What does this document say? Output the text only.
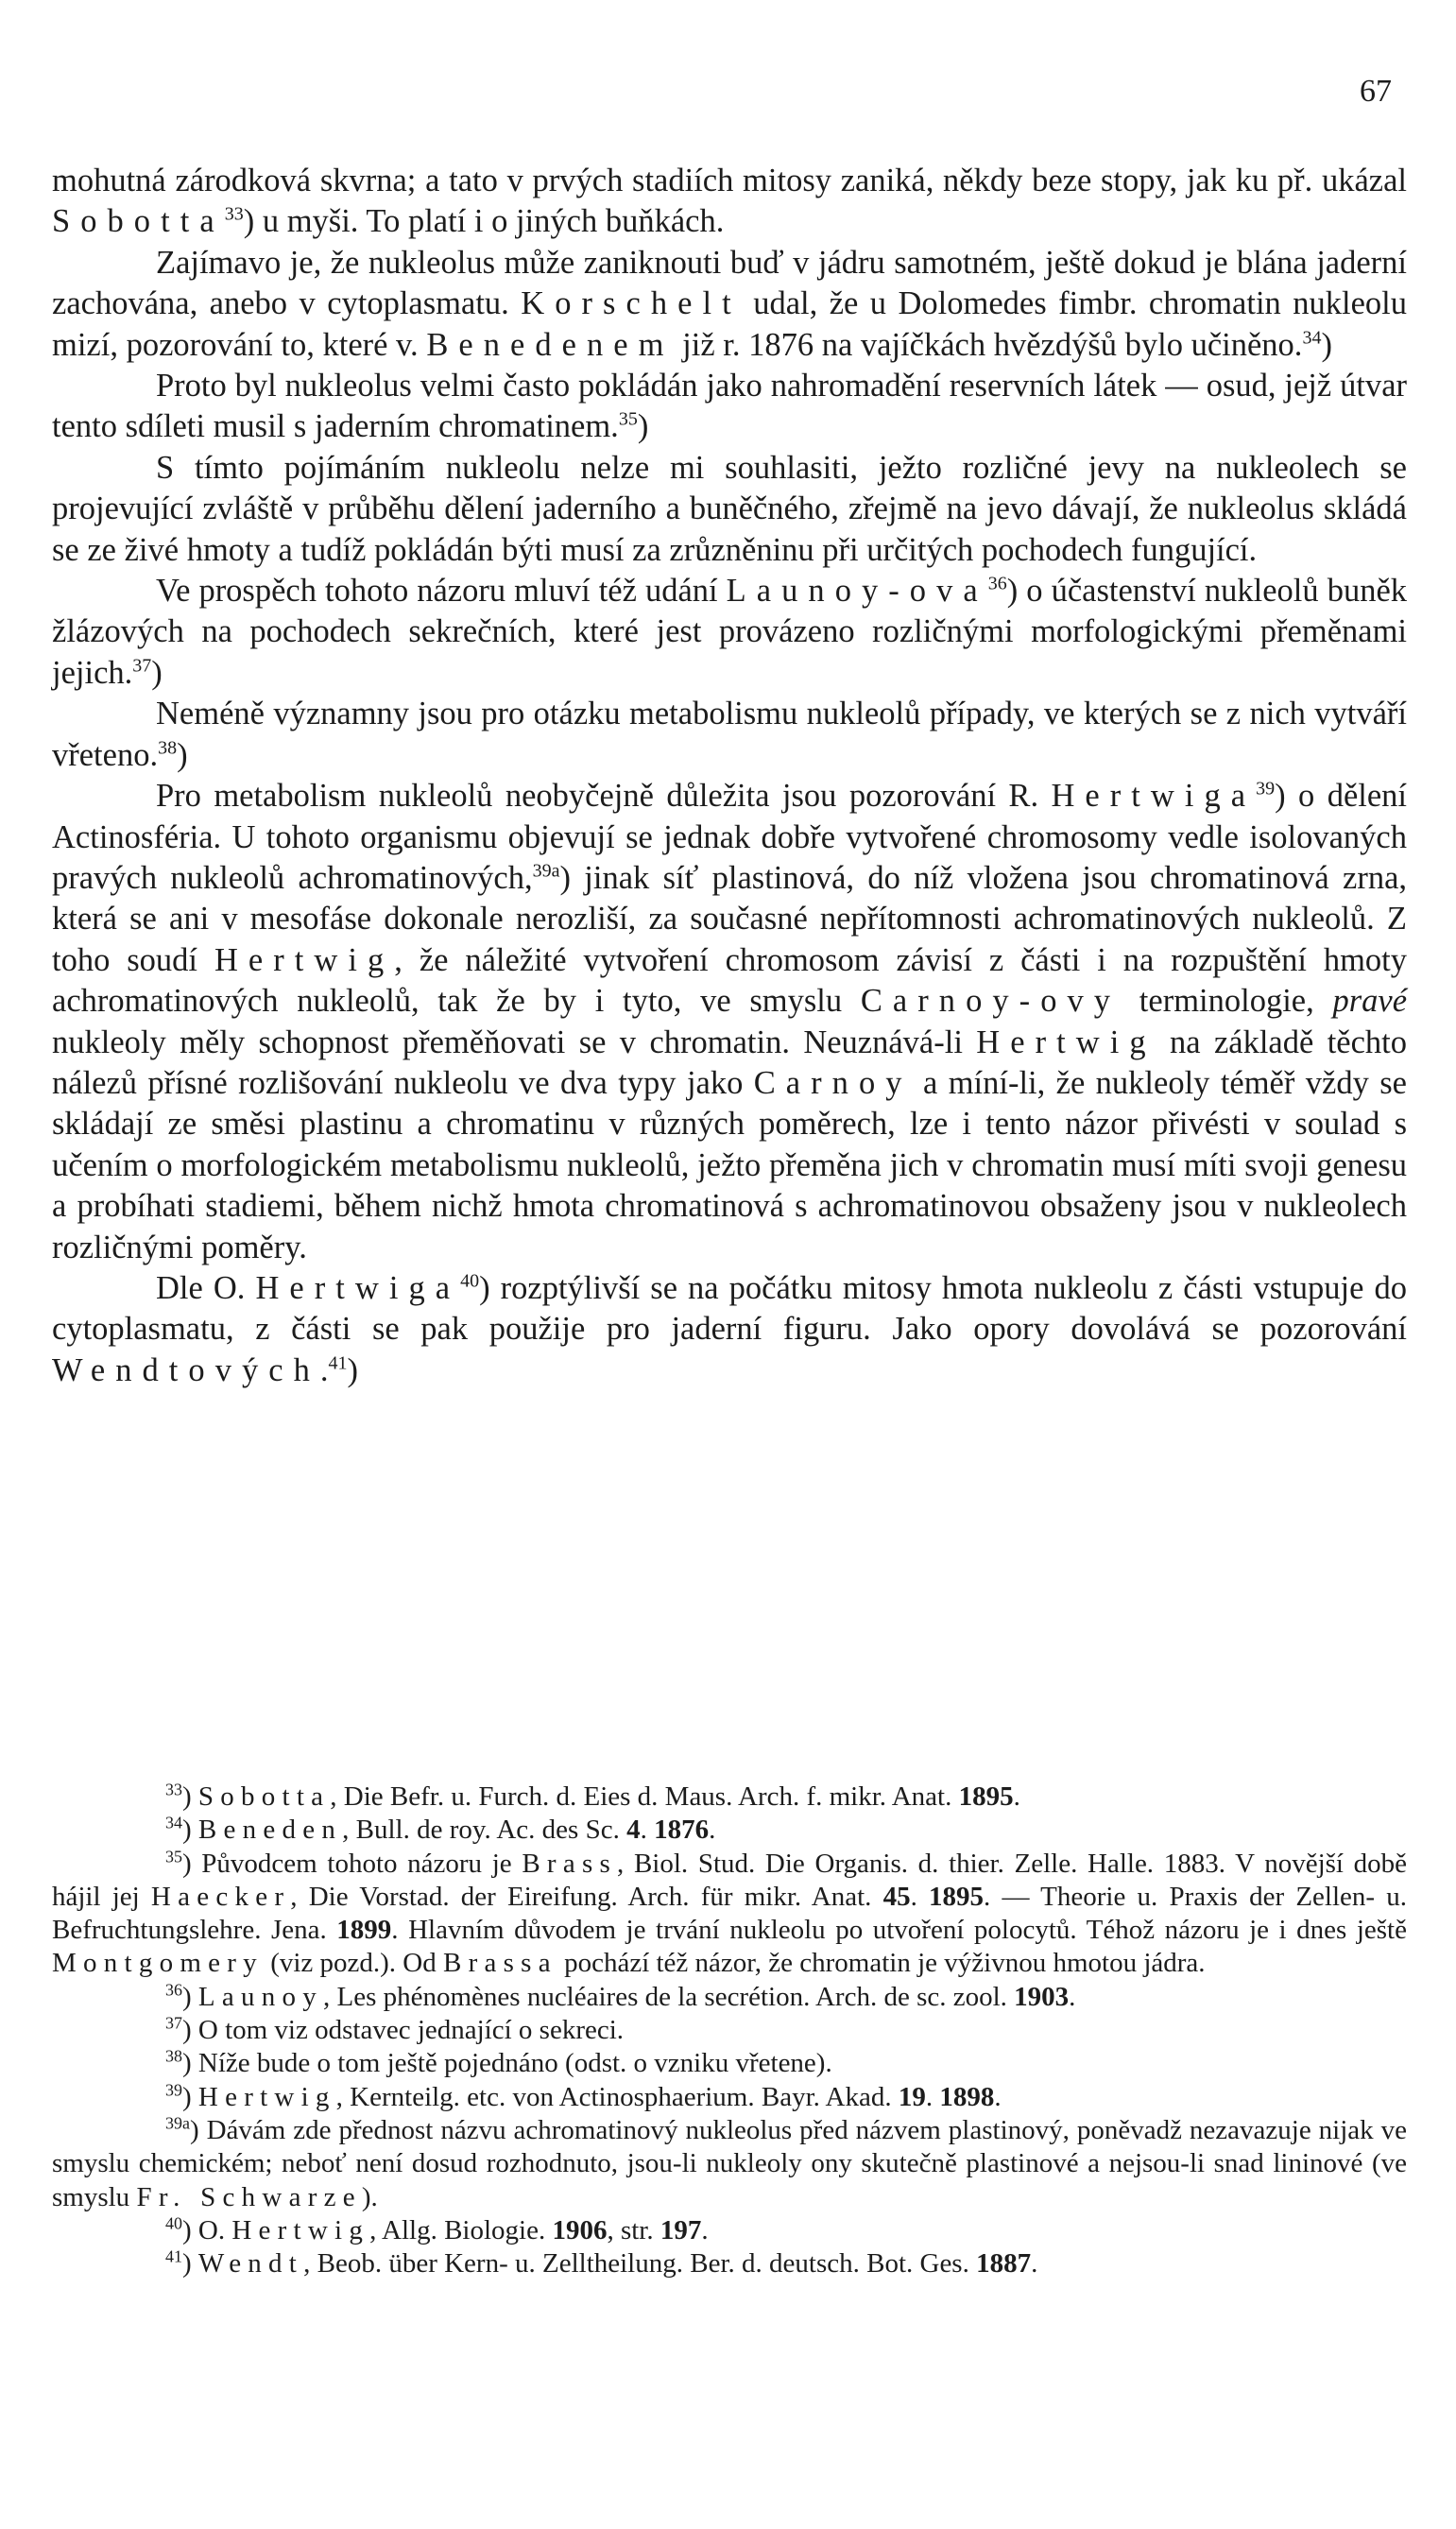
67

mohutná zárodková skvrna; a tato v prvých stadiích mitosy zaniká, někdy beze stopy, jak ku př. ukázal Sobotta$^{33}$) u myši. To platí i o jiných buňkách.

Zajímavo je, že nukleolus může zaniknouti buď v jádru samotném, ještě dokud je blána jaderní zachována, anebo v cytoplasmatu. Korschelt udal, že u Dolomedes fimbr. chromatin nukleolu mizí, pozorování to, které v. Benedenem již r. 1876 na vajíčkách hvězdýšů bylo učiněno.$^{34}$)

Proto byl nukleolus velmi často pokládán jako nahromadění reservních látek — osud, jejž útvar tento sdíleti musil s jaderním chromatinem.$^{35}$)

S tímto pojímáním nukleolu nelze mi souhlasiti, ježto rozličné jevy na nukleolech se projevující zvláště v průběhu dělení jaderního a buněčného, zřejmě na jevo dávají, že nukleolus skládá se ze živé hmoty a tudíž pokládán býti musí za zrůzněninu při určitých pochodech fungující.

Ve prospěch tohoto názoru mluví též udání Launoy-ova$^{36}$) o účastenství nukleolů buněk žlázových na pochodech sekrečních, které jest provázeno rozličnými morfologickými přeměnami jejich.$^{37}$)

Neméně významny jsou pro otázku metabolismu nukleolů případy, ve kterých se z nich vytváří vřeteno.$^{38}$)

Pro metabolism nukleolů neobyčejně důležita jsou pozorování R. Hertwiga$^{39}$) o dělení Actinosféria. U tohoto organismu objevují se jednak dobře vytvořené chromosomy vedle isolovaných pravých nukleolů achromatinových,$^{39a}$) jinak síť plastinová, do níž vložena jsou chromatinová zrna, která se ani v mesofáse dokonale nerozliší, za současné nepřítomnosti achromatinových nukleolů. Z toho soudí Hertwig, že náležité vytvoření chromosom závisí z části i na rozpuštění hmoty achromatinových nukleolů, tak že by i tyto, ve smyslu Carnoy-ovy terminologie, pravé nukleoly měly schopnost přeměňovati se v chromatin. Neuznává-li Hertwig na základě těchto nálezů přísné rozlišování nukleolu ve dva typy jako Carnoy a míní-li, že nukleoly téměř vždy se skládají ze směsi plastinu a chromatinu v různých poměrech, lze i tento názor přivésti v soulad s učením o morfologickém metabolismu nukleolů, ježto přeměna jich v chromatin musí míti svoji genesu a probíhati stadiemi, během nichž hmota chromatinová s achromatinovou obsaženy jsou v nukleolech rozličnými poměry.

Dle O. Hertwiga$^{40}$) rozptýlivší se na počátku mitosy hmota nukleolu z části vstupuje do cytoplasmatu, z části se pak použije pro jaderní figuru. Jako opory dovolává se pozorování Wendtových.$^{41}$)

$^{33}$) Sobotta, Die Befr. u. Furch. d. Eies d. Maus. Arch. f. mikr. Anat. 1895.

$^{34}$) Beneden, Bull. de roy. Ac. des Sc. 4. 1876.

$^{35}$) Původcem tohoto názoru je Brass, Biol. Stud. Die Organis. d. thier. Zelle. Halle. 1883. V novější době hájil jej Haecker, Die Vorstad. der Eireifung. Arch. für mikr. Anat. 45. 1895. — Theorie u. Praxis der Zellen- u. Befruchtungslehre. Jena. 1899. Hlavním důvodem je trvání nukleolu po utvoření polocytů. Téhož názoru je i dnes ještě Montgomery (viz pozd.). Od Brassa pochází též názor, že chromatin je výživnou hmotou jádra.

$^{36}$) Launoy, Les phénomènes nucléaires de la secrétion. Arch. de sc. zool. 1903.

$^{37}$) O tom viz odstavec jednající o sekreci.

$^{38}$) Níže bude o tom ještě pojednáno (odst. o vzniku vřetene).

$^{39}$) Hertwig, Kernteilg. etc. von Actinosphaerium. Bayr. Akad. 19. 1898.

$^{39a}$) Dávám zde přednost názvu achromatinový nukleolus před názvem plastinový, poněvadž nezavazuje nijak ve smyslu chemickém; neboť není dosud rozhodnuto, jsou-li nukleoly ony skutečně plastinové a nejsou-li snad lininové (ve smyslu Fr. Schwarze).

$^{40}$) O. Hertwig, Allg. Biologie. 1906, str. 197.

$^{41}$) Wendt, Beob. über Kern- u. Zelltheilung. Ber. d. deutsch. Bot. Ges. 1887.
